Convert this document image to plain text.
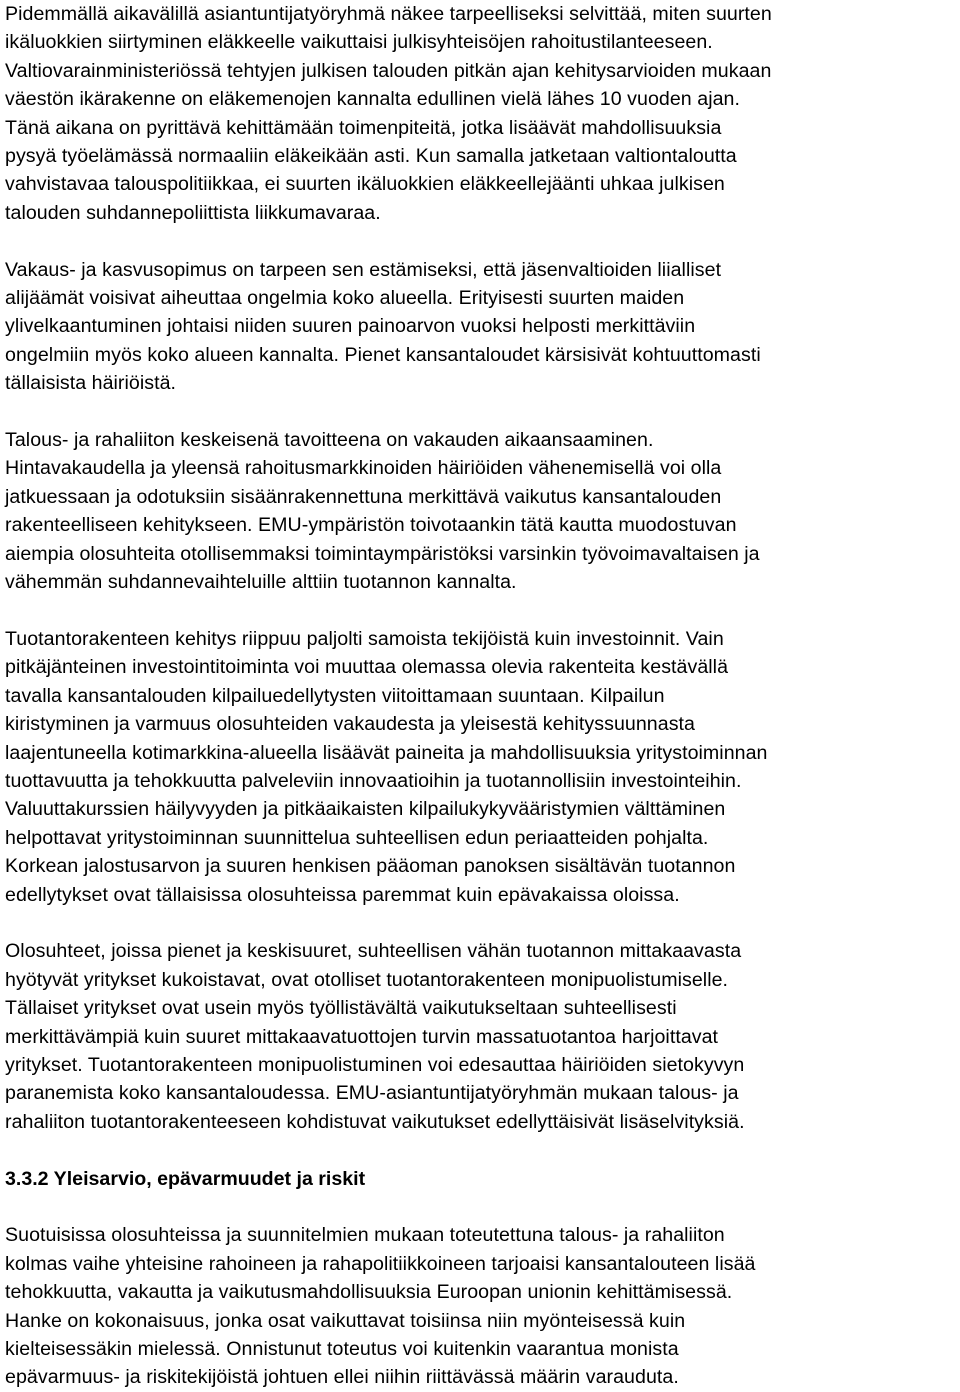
Pidemmällä aikavälillä asiantuntijatyöryhmä näkee tarpeelliseksi selvittää, miten suurten
ikäluokkien siirtyminen eläkkeelle vaikuttaisi julkisyhteisöjen rahoitustilanteeseen.
Valtiovarainministeriössä tehtyjen julkisen talouden pitkän ajan kehitysarvioiden mukaan
väestön ikärakenne on eläkemenojen kannalta edullinen vielä lähes 10 vuoden ajan.
Tänä aikana on pyrittävä kehittämään toimenpiteitä, jotka lisäävät mahdollisuuksia
pysyä työelämässä normaaliin eläkeikään asti. Kun samalla jatketaan valtiontaloutta
vahvistavaa talouspolitiikkaa, ei suurten ikäluokkien eläkkeellejäänti uhkaa julkisen
talouden suhdannepoliittista liikkumavaraa.

Vakaus- ja kasvusopimus on tarpeen sen estämiseksi, että jäsenvaltioiden liialliset
alijäämät voisivat aiheuttaa ongelmia koko alueella. Erityisesti suurten maiden
ylivelkaantuminen johtaisi niiden suuren painoarvon vuoksi helposti merkittäviin
ongelmiin myös koko alueen kannalta. Pienet kansantaloudet kärsisivät kohtuuttomasti
tällaisista häiriöistä.

Talous- ja rahaliiton keskeisenä tavoitteena on vakauden aikaansaaminen.
Hintavakaudella ja yleensä rahoitusmarkkinoiden häiriöiden vähenemisellä voi olla
jatkuessaan ja odotuksiin sisäänrakennettuna merkittävä vaikutus kansantalouden
rakenteelliseen kehitykseen. EMU-ympäristön toivotaankin tätä kautta muodostuvan
aiempia olosuhteita otollisemmaksi toimintaympäristöksi varsinkin työvoimavaltaisen ja
vähemmän suhdannevaihteluille alttiin tuotannon kannalta.

Tuotantorakenteen kehitys riippuu paljolti samoista tekijöistä kuin investoinnit. Vain
pitkäjänteinen investointitoiminta voi muuttaa olemassa olevia rakenteita kestävällä
tavalla kansantalouden kilpailuedellytysten viitoittamaan suuntaan. Kilpailun
kiristyminen ja varmuus olosuhteiden vakaudesta ja yleisestä kehityssuunnasta
laajentuneella kotimarkkina-alueella lisäävät paineita ja mahdollisuuksia yritystoiminnan
tuottavuutta ja tehokkuutta palveleviin innovaatioihin ja tuotannollisiin investointeihin.
Valuuttakurssien häilyvyyden ja pitkäaikaisten kilpailukykyvääristymien välttäminen
helpottavat yritystoiminnan suunnittelua suhteellisen edun periaatteiden pohjalta.
Korkean jalostusarvon ja suuren henkisen pääoman panoksen sisältävän tuotannon
edellytykset ovat tällaisissa olosuhteissa paremmat kuin epävakaissa oloissa.

Olosuhteet, joissa pienet ja keskisuuret, suhteellisen vähän tuotannon mittakaavasta
hyötyvät yritykset kukoistavat, ovat otolliset tuotantorakenteen monipuolistumiselle.
Tällaiset yritykset ovat usein myös työllistävältä vaikutukseltaan suhteellisesti
merkittävämpiä kuin suuret mittakaavatuottojen turvin massatuotantoa harjoittavat
yritykset. Tuotantorakenteen monipuolistuminen voi edesauttaa häiriöiden sietokyvyn
paranemista koko kansantaloudessa. EMU-asiantuntijatyöryhmän mukaan talous- ja
rahaliiton tuotantorakenteeseen kohdistuvat vaikutukset edellyttäisivät lisäselvityksiä.

3.3.2 Yleisarvio, epävarmuudet ja riskit

Suotuisissa olosuhteissa ja suunnitelmien mukaan toteutettuna talous- ja rahaliiton
kolmas vaihe yhteisine rahoineen ja rahapolitiikkoineen tarjoaisi kansantalouteen lisää
tehokkuutta, vakautta ja vaikutusmahdollisuuksia Euroopan unionin kehittämisessä.
Hanke on kokonaisuus, jonka osat vaikuttavat toisiinsa niin myönteisessä kuin
kielteisessäkin mielessä. Onnistunut toteutus voi kuitenkin vaarantua monista
epävarmuus- ja riskitekijöistä johtuen ellei niihin riittävässä määrin varauduta.
